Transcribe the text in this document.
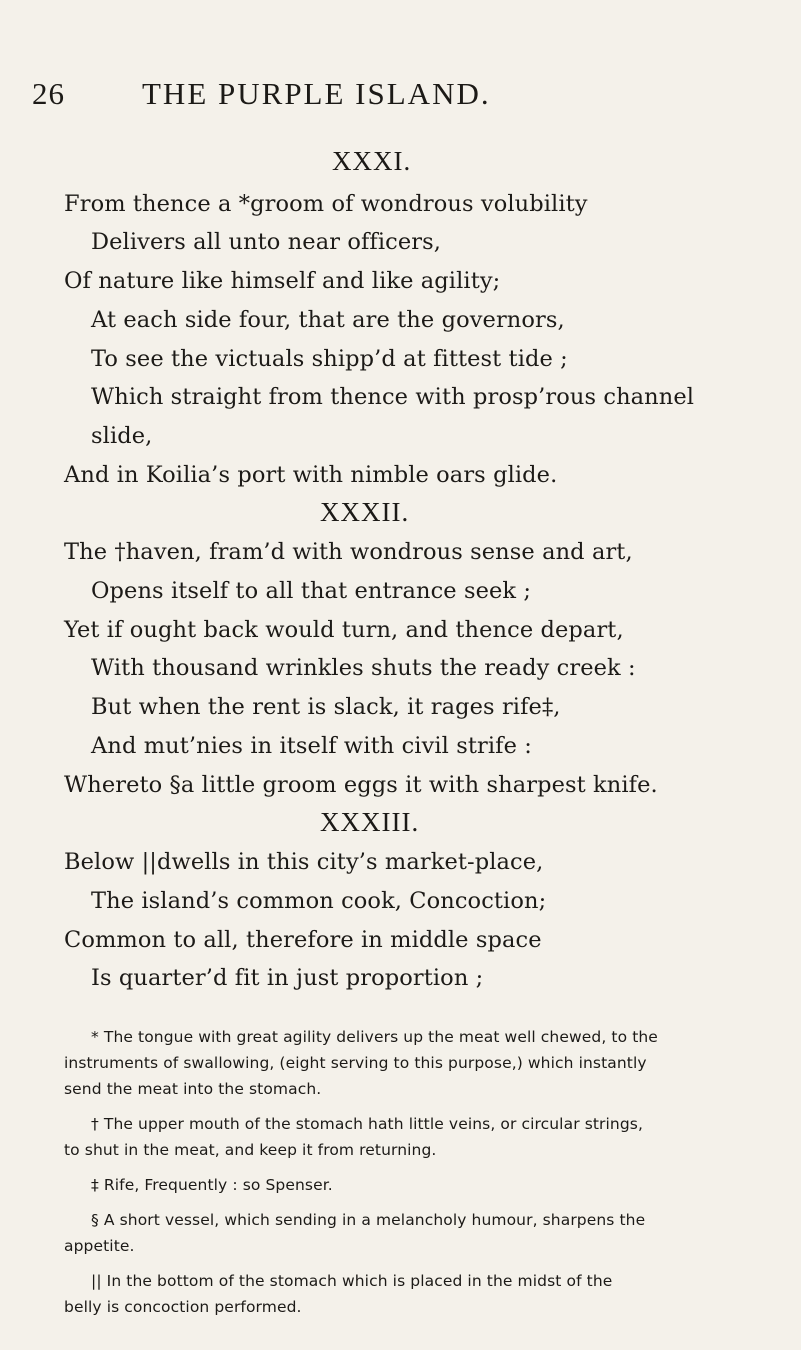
26 THE PURPLE ISLAND.
XXXI.
From thence a *groom of wondrous volubility
Delivers all unto near officers,
Of nature like himself and like agility;
At each side four, that are the governors,
To see the victuals shipp’d at fittest tide ;
Which straight from thence with prosp’rous channel
slide,
And in Koilia’s port with nimble oars glide.
XXXII.
The †haven, fram’d with wondrous sense and art,
Opens itself to all that entrance seek ;
Yet if ought back would turn, and thence depart,
With thousand wrinkles shuts the ready creek :
But when the rent is slack, it rages rife‡,
And mut’nies in itself with civil strife :
Whereto §a little groom eggs it with sharpest knife.
XXXIII.
Below ||dwells in this city’s market-place,
The island’s common cook, Concoction;
Common to all, therefore in middle space
Is quarter’d fit in just proportion ;
* The tongue with great agility delivers up the meat well chewed, to the
instruments of swallowing, (eight serving to this purpose,) which instantly
send the meat into the stomach.
† The upper mouth of the stomach hath little veins, or circular strings,
to shut in the meat, and keep it from returning.
‡ Rife, Frequently : so Spenser.
§ A short vessel, which sending in a melancholy humour, sharpens the
appetite.
|| In the bottom of the stomach which is placed in the midst of the
belly is concoction performed.
